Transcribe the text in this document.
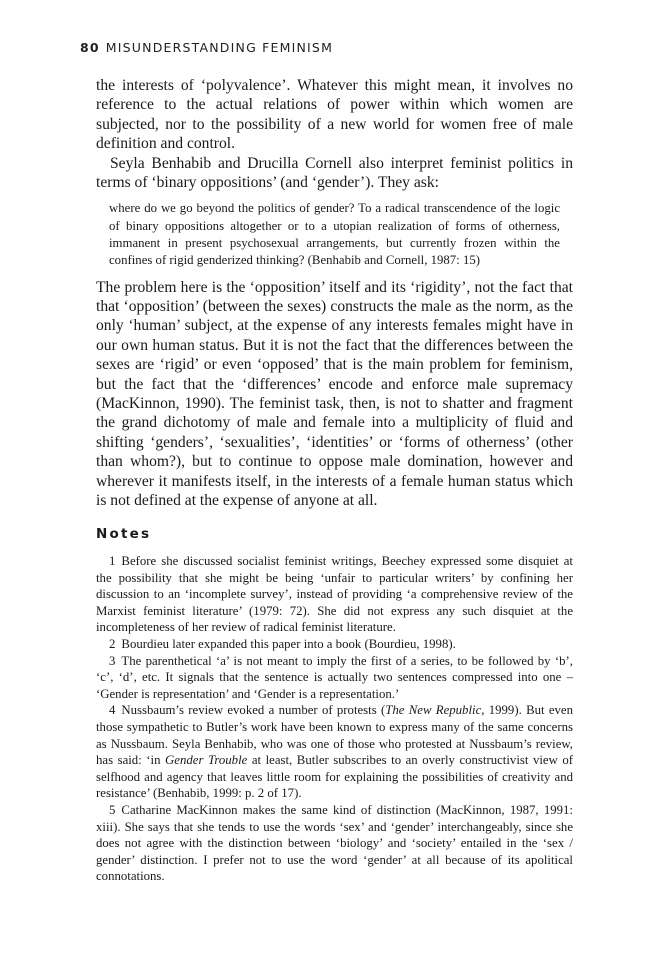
80 MISUNDERSTANDING FEMINISM

the interests of ‘polyvalence’. Whatever this might mean, it involves no reference to the actual relations of power within which women are subjected, nor to the possibility of a new world for women free of male definition and control.

Seyla Benhabib and Drucilla Cornell also interpret feminist politics in terms of ‘binary oppositions’ (and ‘gender’). They ask:

where do we go beyond the politics of gender? To a radical transcendence of the logic of binary oppositions altogether or to a utopian realization of forms of otherness, immanent in present psychosexual arrangements, but currently frozen within the confines of rigid genderized thinking? (Benhabib and Cornell, 1987: 15)

The problem here is the ‘opposition’ itself and its ‘rigidity’, not the fact that that ‘opposition’ (between the sexes) constructs the male as the norm, as the only ‘human’ subject, at the expense of any interests females might have in our own human status. But it is not the fact that the differences between the sexes are ‘rigid’ or even ‘opposed’ that is the main problem for feminism, but the fact that the ‘differences’ encode and enforce male supremacy (MacKinnon, 1990). The feminist task, then, is not to shatter and fragment the grand dichotomy of male and female into a multiplicity of fluid and shifting ‘genders’, ‘sexualities’, ‘identities’ or ‘forms of otherness’ (other than whom?), but to continue to oppose male domination, however and wherever it manifests itself, in the interests of a female human status which is not defined at the expense of anyone at all.

Notes

1 Before she discussed socialist feminist writings, Beechey expressed some disquiet at the possibility that she might be being ‘unfair to particular writers’ by confining her discussion to an ‘incomplete survey’, instead of providing ‘a comprehensive review of the Marxist feminist literature’ (1979: 72). She did not express any such disquiet at the incompleteness of her review of radical feminist literature.

2 Bourdieu later expanded this paper into a book (Bourdieu, 1998).

3 The parenthetical ‘a’ is not meant to imply the first of a series, to be followed by ‘b’, ‘c’, ‘d’, etc. It signals that the sentence is actually two sentences compressed into one – ‘Gender is representation’ and ‘Gender is a representation.’

4 Nussbaum’s review evoked a number of protests (The New Republic, 1999). But even those sympathetic to Butler’s work have been known to express many of the same concerns as Nussbaum. Seyla Benhabib, who was one of those who protested at Nussbaum’s review, has said: ‘in Gender Trouble at least, Butler subscribes to an overly constructivist view of selfhood and agency that leaves little room for explaining the possibilities of creativity and resistance’ (Benhabib, 1999: p. 2 of 17).

5 Catharine MacKinnon makes the same kind of distinction (MacKinnon, 1987, 1991: xiii). She says that she tends to use the words ‘sex’ and ‘gender’ interchangeably, since she does not agree with the distinction between ‘biology’ and ‘society’ entailed in the ‘sex / gender’ distinction. I prefer not to use the word ‘gender’ at all because of its apolitical connotations.
